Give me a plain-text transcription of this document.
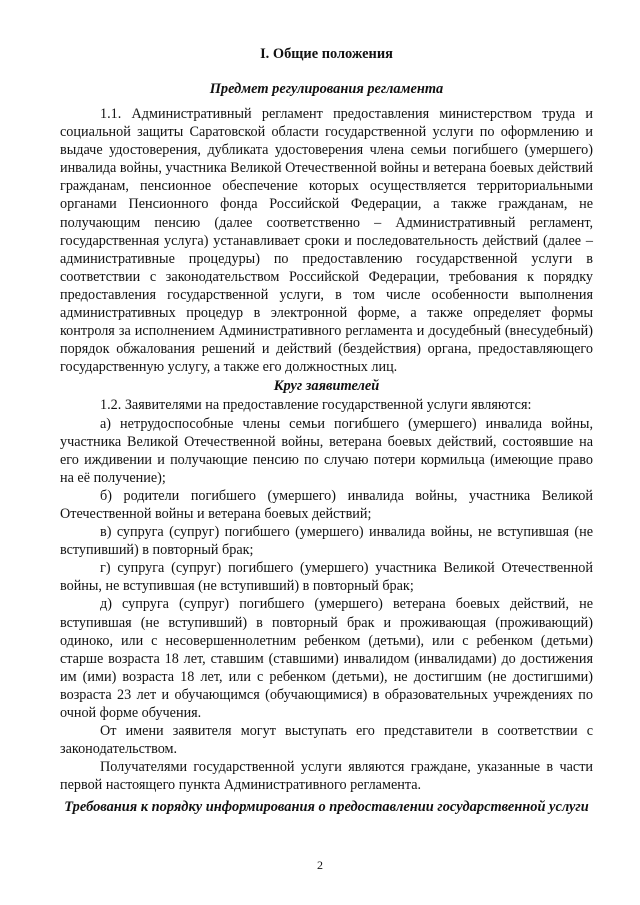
I. Общие положения
Предмет регулирования регламента

1.1. Административный регламент предоставления министерством труда и социальной защиты Саратовской области государственной услуги по оформлению и выдаче удостоверения, дубликата удостоверения члена семьи погибшего (умершего) инвалида войны, участника Великой Отечественной войны и ветерана боевых действий гражданам, пенсионное обеспечение которых осуществляется территориальными органами Пенсионного фонда Российской Федерации, а также гражданам, не получающим пенсию (далее соответственно – Административный регламент, государственная услуга) устанавливает сроки и последовательность действий (далее – административные процедуры) по предоставлению государственной услуги в соответствии с законодательством Российской Федерации, требования к порядку предоставления государственной услуги, в том числе особенности выполнения административных процедур в электронной форме, а также определяет формы контроля за исполнением Административного регламента и досудебный (внесудебный) порядок обжалования решений и действий (бездействия) органа, предоставляющего государственную услугу, а также его должностных лиц.

Круг заявителей

1.2. Заявителями на предоставление государственной услуги являются:

а) нетрудоспособные члены семьи погибшего (умершего) инвалида войны, участника Великой Отечественной войны, ветерана боевых действий, состоявшие на его иждивении и получающие пенсию по случаю потери кормильца (имеющие право на её получение);

б) родители погибшего (умершего) инвалида войны, участника Великой Отечественной войны и ветерана боевых действий;

в) супруга (супруг) погибшего (умершего) инвалида войны, не вступившая (не вступивший) в повторный брак;

г) супруга (супруг) погибшего (умершего) участника Великой Отечественной войны, не вступившая (не вступивший) в повторный брак;

д) супруга (супруг) погибшего (умершего) ветерана боевых действий, не вступившая (не вступивший) в повторный брак и проживающая (проживающий) одиноко, или с несовершеннолетним ребенком (детьми), или с ребенком (детьми) старше возраста 18 лет, ставшим (ставшими) инвалидом (инвалидами) до достижения им (ими) возраста 18 лет, или с ребенком (детьми), не достигшим (не достигшими) возраста 23 лет и обучающимся (обучающимися) в образовательных учреждениях по очной форме обучения.

От имени заявителя могут выступать его представители в соответствии с законодательством.

Получателями государственной услуги являются граждане, указанные в части первой настоящего пункта Административного регламента.

Требования к порядку информирования о предоставлении государственной услуги
2
